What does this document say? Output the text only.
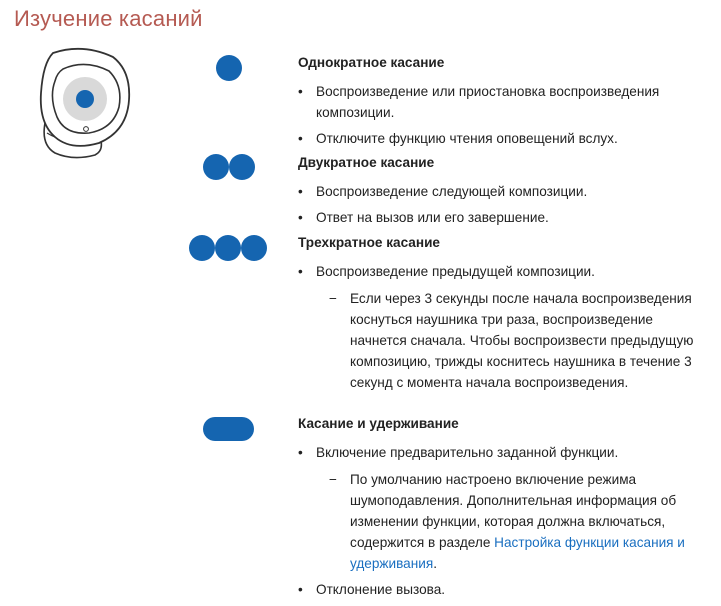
Изучение касаний

Однократное касание

• Воспроизведение или приостановка воспроизведения композиции.
• Отключите функцию чтения оповещений вслух.

Двукратное касание

• Воспроизведение следующей композиции.
• Ответ на вызов или его завершение.

Трехкратное касание

• Воспроизведение предыдущей композиции.
− Если через 3 секунды после начала воспроизведения коснуться наушника три раза, воспроизведение начнется сначала. Чтобы воспроизвести предыдущую композицию, трижды коснитесь наушника в течение 3 секунд с момента начала воспроизведения.

Касание и удерживание

• Включение предварительно заданной функции.
− По умолчанию настроено включение режима шумоподавления. Дополнительная информация об изменении функции, которая должна включаться, содержится в разделе Настройка функции касания и удерживания.
• Отклонение вызова.
